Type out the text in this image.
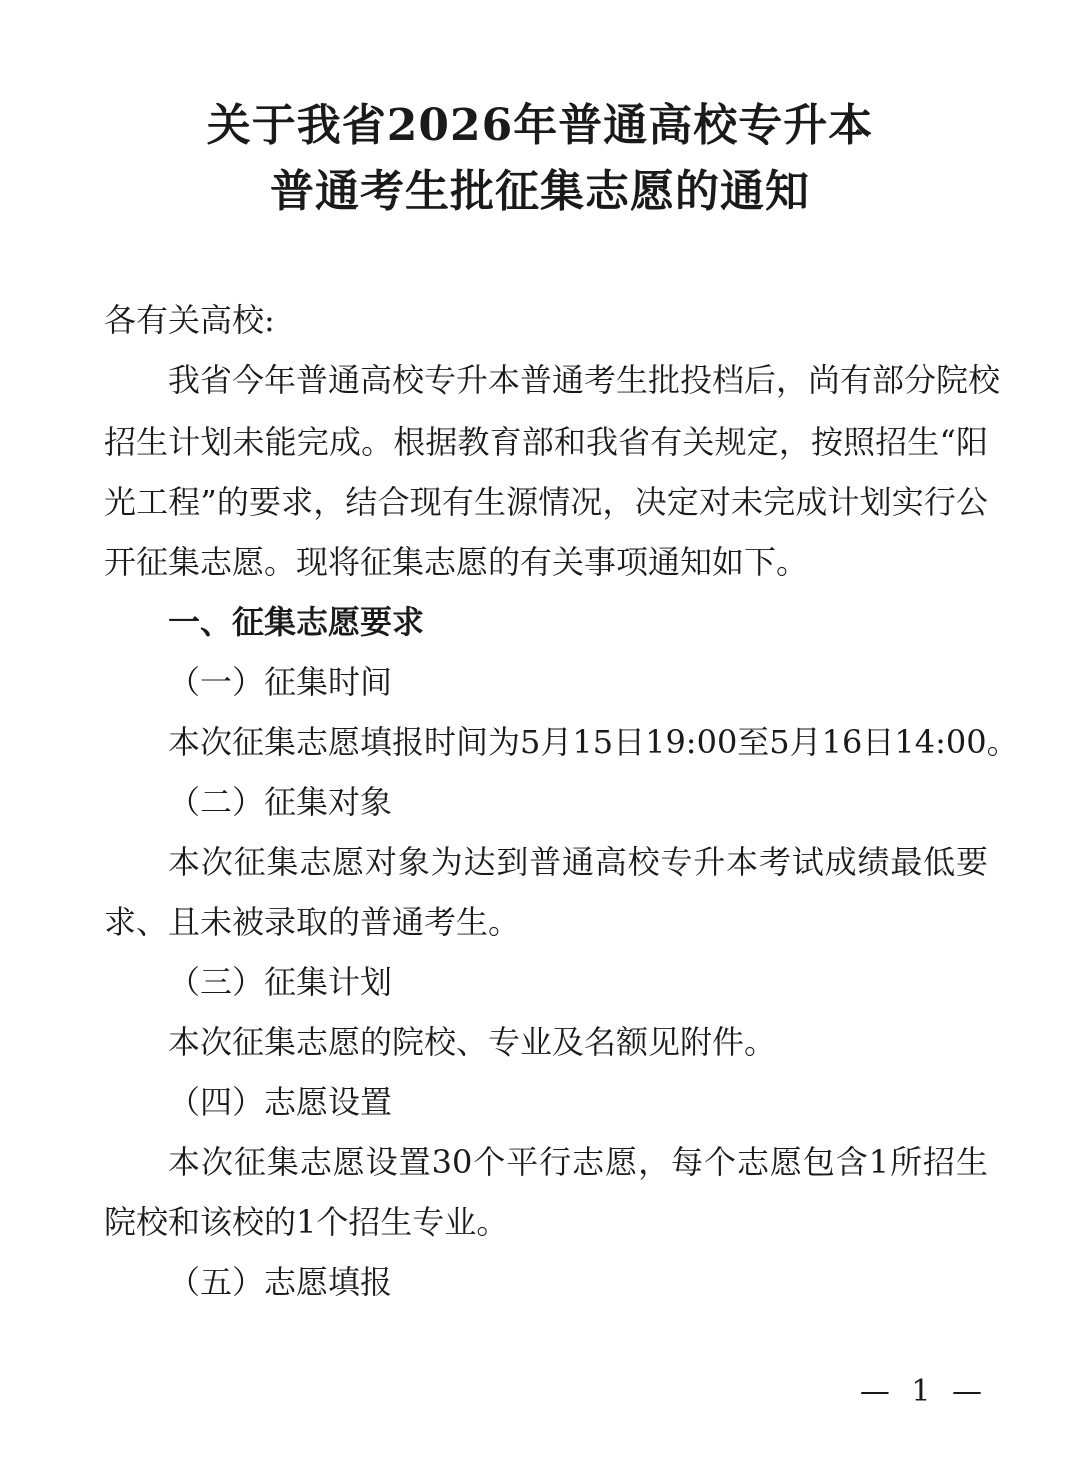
关于我省2026年普通高校专升本
普通考生批征集志愿的通知
各有关高校:
我省今年普通高校专升本普通考生批投档后，尚有部分院校
招生计划未能完成。根据教育部和我省有关规定，按照招生“阳
光工程”的要求，结合现有生源情况，决定对未完成计划实行公
开征集志愿。现将征集志愿的有关事项通知如下。
一、征集志愿要求
（一）征集时间
本次征集志愿填报时间为5月15日19:00至5月16日14:00。
（二）征集对象
本次征集志愿对象为达到普通高校专升本考试成绩最低要
求、且未被录取的普通考生。
（三）征集计划
本次征集志愿的院校、专业及名额见附件。
（四）志愿设置
本次征集志愿设置30个平行志愿，每个志愿包含1所招生
院校和该校的1个招生专业。
（五）志愿填报
— 1 —
